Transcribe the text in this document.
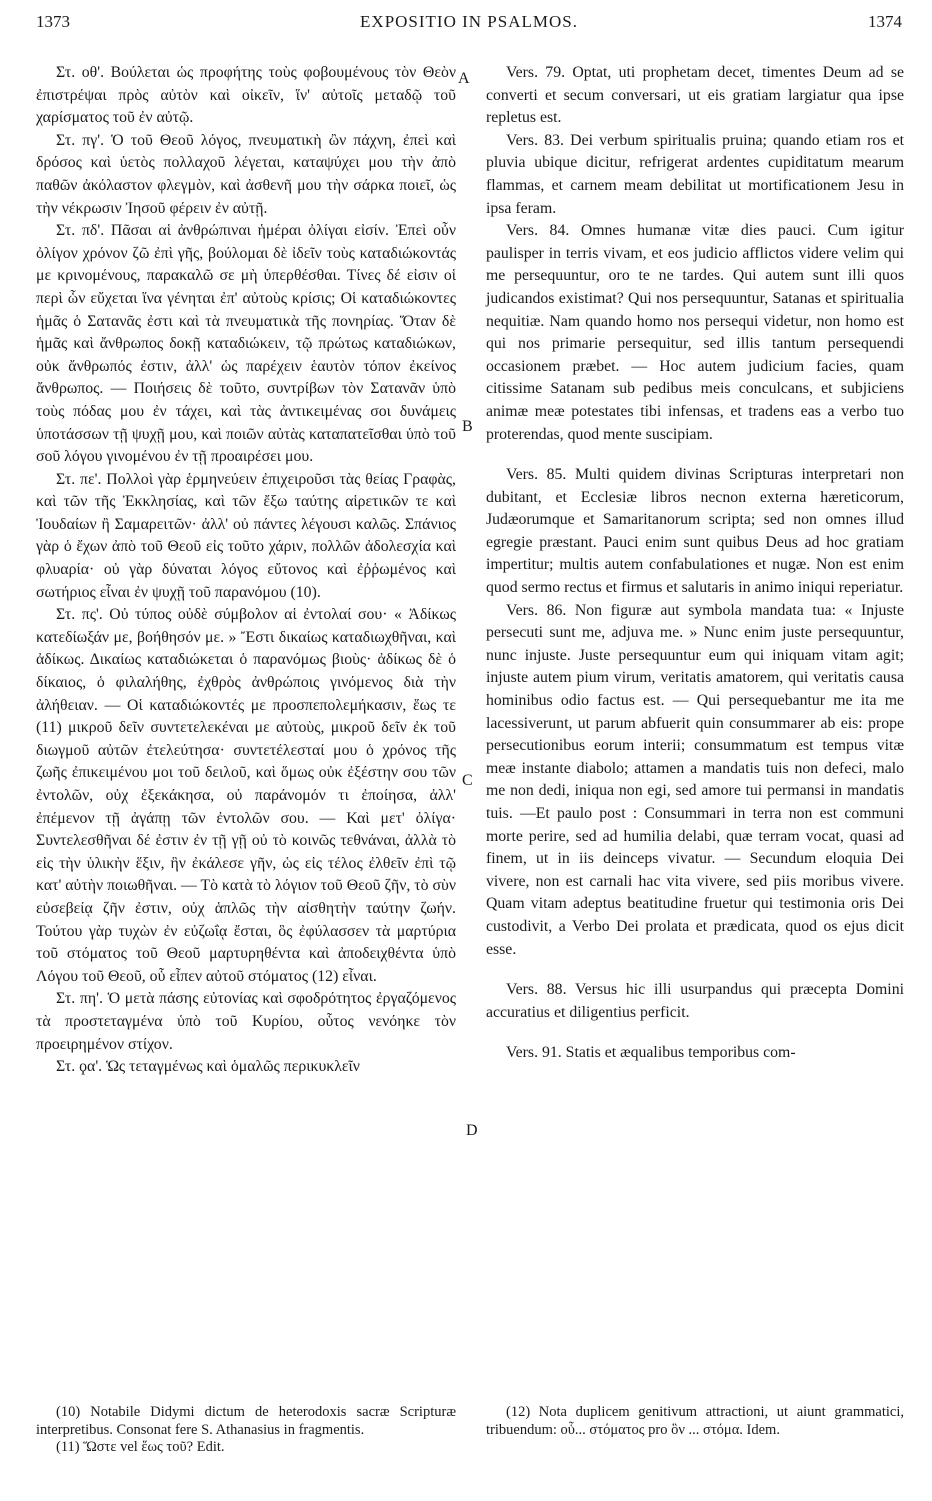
1373	EXPOSITIO IN PSALMOS.	1374
A
B
C
D

Στ. οθ'. Βούλεται ὡς προφήτης τοὺς φοβουμένους τὸν Θεὸν ἐπιστρέψαι πρὸς αὐτὸν καὶ οἰκεῖν, ἵν' αὐτοῖς μεταδῷ τοῦ χαρίσματος τοῦ ἐν αὐτῷ.

Στ. πγ'. Ὁ τοῦ Θεοῦ λόγος, πνευματικὴ ὢν πάχνη, ἐπεὶ καὶ δρόσος καὶ ὑετὸς πολλαχοῦ λέγεται, καταψύχει μου τὴν ἀπὸ παθῶν ἀκόλαστον φλεγμὸν, καὶ ἀσθενῆ μου τὴν σάρκα ποιεῖ, ὡς τὴν νέκρωσιν Ἰησοῦ φέρειν ἐν αὐτῇ.

Στ. πδ'. Πᾶσαι αἱ ἀνθρώπιναι ἡμέραι ὀλίγαι εἰσίν. Ἐπεὶ οὖν ὀλίγον χρόνον ζῶ ἐπὶ γῆς, βούλομαι δὲ ἰδεῖν τοὺς καταδιώκοντάς με κρινομένους, παρακαλῶ σε μὴ ὑπερθέσθαι. Τίνες δέ εἰσιν οἱ περὶ ὧν εὔχεται ἵνα γένηται ἐπ' αὐτοὺς κρίσις; Οἱ καταδιώκοντες ἡμᾶς ὁ Σατανᾶς ἐστι καὶ τὰ πνευματικὰ τῆς πονηρίας. Ὅταν δὲ ἡμᾶς καὶ ἄνθρωπος δοκῇ καταδιώκειν, τῷ πρώτως καταδιώκων, οὐκ ἄνθρωπός ἐστιν, ἀλλ' ὡς παρέχειν ἑαυτὸν τόπον ἐκείνος ἄνθρωπος. — Ποιήσεις δὲ τοῦτο, συντρίβων τὸν Σατανᾶν ὑπὸ τοὺς πόδας μου ἐν τάχει, καὶ τὰς ἀντικειμένας σοι δυνάμεις ὑποτάσσων τῇ ψυχῇ μου, καὶ ποιῶν αὐτὰς καταπατεῖσθαι ὑπὸ τοῦ σοῦ λόγου γινομένου ἐν τῇ προαιρέσει μου.

Στ. πε'. Πολλοὶ γὰρ ἑρμηνεύειν ἐπιχειροῦσι τὰς θείας Γραφὰς, καὶ τῶν τῆς Ἐκκλησίας, καὶ τῶν ἔξω ταύτης αἱρετικῶν τε καὶ Ἰουδαίων ἢ Σαμαρειτῶν· ἀλλ' οὐ πάντες λέγουσι καλῶς. Σπάνιος γὰρ ὁ ἔχων ἀπὸ τοῦ Θεοῦ εἰς τοῦτο χάριν, πολλῶν ἀδολεσχία καὶ φλυαρία· οὐ γὰρ δύναται λόγος εὔτονος καὶ ἐῤῥωμένος καὶ σωτήριος εἶναι ἐν ψυχῇ τοῦ παρανόμου (10).

Στ. πς'. Οὐ τύπος οὐδὲ σύμβολον αἱ ἐντολαί σου· « Ἀδίκως κατεδίωξάν με, βοήθησόν με. » Ἔστι δικαίως καταδιωχθῆναι, καὶ ἀδίκως. Δικαίως καταδιώκεται ὁ παρανόμως βιοὺς· ἀδίκως δὲ ὁ δίκαιος, ὁ φιλαλήθης, ἐχθρὸς ἀνθρώποις γινόμενος διὰ τὴν ἀλήθειαν. — Οἱ καταδιώκοντές με προσπεπολεμήκασιν, ἕως τε (11) μικροῦ δεῖν συντετελεκέναι με αὐτοὺς, μικροῦ δεῖν ἐκ τοῦ διωγμοῦ αὐτῶν ἐτελεύτησα· συντετέλεσταί μου ὁ χρόνος τῆς ζωῆς ἐπικειμένου μοι τοῦ δειλοῦ, καὶ ὅμως οὐκ ἐξέστην σου τῶν ἐντολῶν, οὐχ ἐξεκάκησα, οὐ παράνομόν τι ἐποίησα, ἀλλ' ἐπέμενον τῇ ἀγάπῃ τῶν ἐντολῶν σου. — Καὶ μετ' ὀλίγα· Συντελεσθῆναι δέ ἐστιν ἐν τῇ γῇ οὐ τὸ κοινῶς τεθνάναι, ἀλλὰ τὸ εἰς τὴν ὑλικὴν ἕξιν, ἣν ἐκάλεσε γῆν, ὡς εἰς τέλος ἐλθεῖν ἐπὶ τῷ κατ' αὐτὴν ποιωθῆναι. — Τὸ κατὰ τὸ λόγιον τοῦ Θεοῦ ζῆν, τὸ σὺν εὐσεβείᾳ ζῆν ἐστιν, οὐχ ἁπλῶς τὴν αἰσθητὴν ταύτην ζωήν. Τούτου γὰρ τυχὼν ἐν εὐζωΐᾳ ἔσται, ὃς ἐφύλασσεν τὰ μαρτύρια τοῦ στόματος τοῦ Θεοῦ μαρτυρηθέντα καὶ ἀποδειχθέντα ὑπὸ Λόγου τοῦ Θεοῦ, οὗ εἶπεν αὐτοῦ στόματος (12) εἶναι.

Στ. πη'. Ὁ μετὰ πάσης εὐτονίας καὶ σφοδρότητος ἐργαζόμενος τὰ προστεταγμένα ὑπὸ τοῦ Κυρίου, οὗτος νενόηκε τὸν προειρημένον στίχον.

Στ. ϙα'. Ὡς τεταγμένως καὶ ὁμαλῶς περικυκλεῖν

Vers. 79. Optat, uti prophetam decet, timentes Deum ad se converti et secum conversari, ut eis gratiam largiatur qua ipse repletus est.

Vers. 83. Dei verbum spiritualis pruina; quando etiam ros et pluvia ubique dicitur, refrigerat ardentes cupiditatum mearum flammas, et carnem meam debilitat ut mortificationem Jesu in ipsa feram.

Vers. 84. Omnes humanæ vitæ dies pauci. Cum igitur paulisper in terris vivam, et eos judicio afflictos videre velim qui me persequuntur, oro te ne tardes. Qui autem sunt illi quos judicandos existimat? Qui nos persequuntur, Satanas et spiritualia nequitiæ. Nam quando homo nos persequi videtur, non homo est qui nos primarie persequitur, sed illis tantum persequendi occasionem præbet. — Hoc autem judicium facies, quam citissime Satanam sub pedibus meis conculcans, et subjiciens animæ meæ potestates tibi infensas, et tradens eas a verbo tuo proterendas, quod mente suscipiam.

Vers. 85. Multi quidem divinas Scripturas interpretari non dubitant, et Ecclesiæ libros necnon externa hæreticorum, Judæorumque et Samaritanorum scripta; sed non omnes illud egregie præstant. Pauci enim sunt quibus Deus ad hoc gratiam impertitur; multis autem confabulationes et nugæ. Non est enim quod sermo rectus et firmus et salutaris in animo iniqui reperiatur.

Vers. 86. Non figuræ aut symbola mandata tua: « Injuste persecuti sunt me, adjuva me. » Nunc enim juste persequuntur, nunc injuste. Juste persequuntur eum qui iniquam vitam agit; injuste autem pium virum, veritatis amatorem, qui veritatis causa hominibus odio factus est. — Qui persequebantur me ita me lacessiverunt, ut parum abfuerit quin consummarer ab eis: prope persecutionibus eorum interii; consummatum est tempus vitæ meæ instante diabolo; attamen a mandatis tuis non defeci, malo me non dedi, iniqua non egi, sed amore tui permansi in mandatis tuis. —Et paulo post : Consummari in terra non est communi morte perire, sed ad humilia delabi, quæ terram vocat, quasi ad finem, ut in iis deinceps vivatur. — Secundum eloquia Dei vivere, non est carnali hac vita vivere, sed piis moribus vivere. Quam vitam adeptus beatitudine fruetur qui testimonia oris Dei custodivit, a Verbo Dei prolata et prædicata, quod os ejus dicit esse.

Vers. 88. Versus hic illi usurpandus qui præcepta Domini accuratius et diligentius perficit.

Vers. 91. Statis et æqualibus temporibus com-

(10) Notabile Didymi dictum de heterodoxis sacræ Scripturæ interpretibus. Consonat fere S. Athanasius in fragmentis.

(11) Ὥστε vel ἕως τοῦ? Edit.

(12) Nota duplicem genitivum attractioni, ut aiunt grammatici, tribuendum: οὗ... στόματος pro ὃν ... στόμα. Idem.
